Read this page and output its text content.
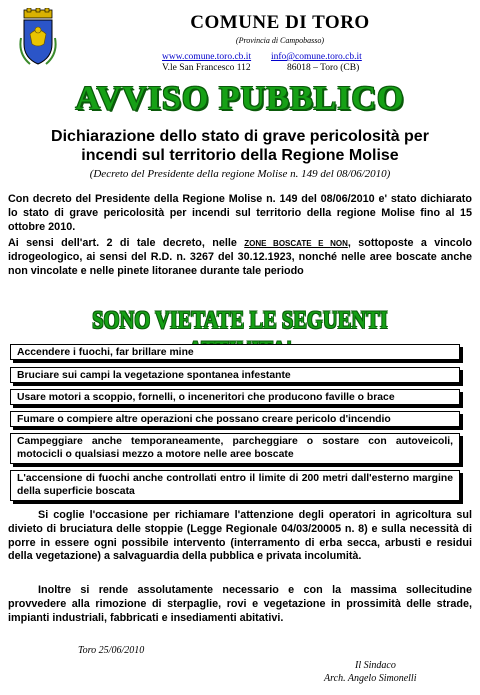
COMUNE DI TORO
(Provincia di Campobasso)
www.comune.toro.cb.it info@comune.toro.cb.it
V.le San Francesco 112	86018 – Toro (CB)
AVVISO PUBBLICO
Dichiarazione dello stato di grave pericolosità per
incendi sul territorio della Regione Molise
(Decreto del Presidente della regione Molise n. 149 del 08/06/2010)
Con decreto del Presidente della Regione Molise n. 149 del 08/06/2010 e' stato dichiarato lo stato di grave pericolosità per incendi sul territorio della regione Molise fino al 15 ottobre 2010.
Ai sensi dell'art. 2 di tale decreto, nelle ZONE BOSCATE E NON, sottoposte a vincolo idrogeologico, ai sensi del R.D. n. 3267 del 30.12.1923, nonché nelle aree boscate anche non vincolate e nelle pinete litoranee durante tale periodo
SONO VIETATE LE SEGUENTI
Accendere i fuochi, far brillare mine
Bruciare sui campi la vegetazione spontanea infestante
Usare motori a scoppio, fornelli, o inceneritori che producono faville o brace
Fumare o compiere altre operazioni che possano creare pericolo d'incendio
Campeggiare anche temporaneamente, parcheggiare o sostare con autoveicoli, motocicli o qualsiasi mezzo a motore nelle aree boscate
L'accensione di fuochi anche controllati entro il limite di 200 metri dall'esterno margine della superficie boscata
Si coglie l'occasione per richiamare l'attenzione degli operatori in agricoltura sul divieto di bruciatura delle stoppie (Legge Regionale 04/03/20005 n. 8) e sulla necessità di porre in essere ogni possibile intervento (interramento di erba secca, arbusti e residui della vegetazione) a salvaguardia della pubblica e privata incolumità.
Inoltre si rende assolutamente necessario e con la massima sollecitudine provvedere alla rimozione di sterpaglie, rovi e vegetazione in prossimità delle strade, impianti industriali, fabbricati e insediamenti abitativi.
Toro 25/06/2010
Il Sindaco
Arch. Angelo Simonelli
